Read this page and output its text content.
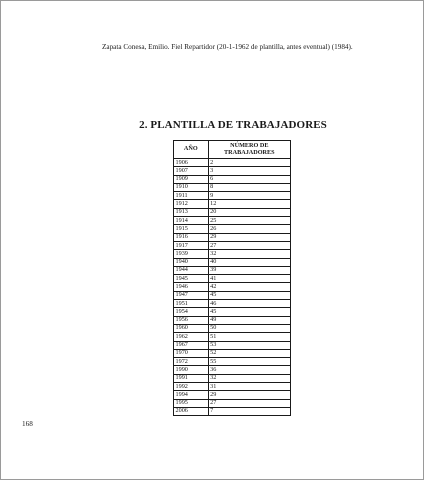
Zapata Conesa, Emilio. Fiel Repartidor (20-1-1962 de plantilla, antes eventual) (1984).

2. PLANTILLA DE TRABAJADORES
AÑO	NÚMERO DE TRABAJADORES
1906	2
1907	3
1909	6
1910	8
1911	9
1912	12
1913	20
1914	25
1915	26
1916	29
1917	27
1939	32
1940	40
1944	39
1945	41
1946	42
1947	45
1951	46
1954	45
1956	49
1960	50
1962	51
1967	53
1970	52
1972	55
1990	36
1991	32
1992	31
1994	29
1995	27
2006	7
168
